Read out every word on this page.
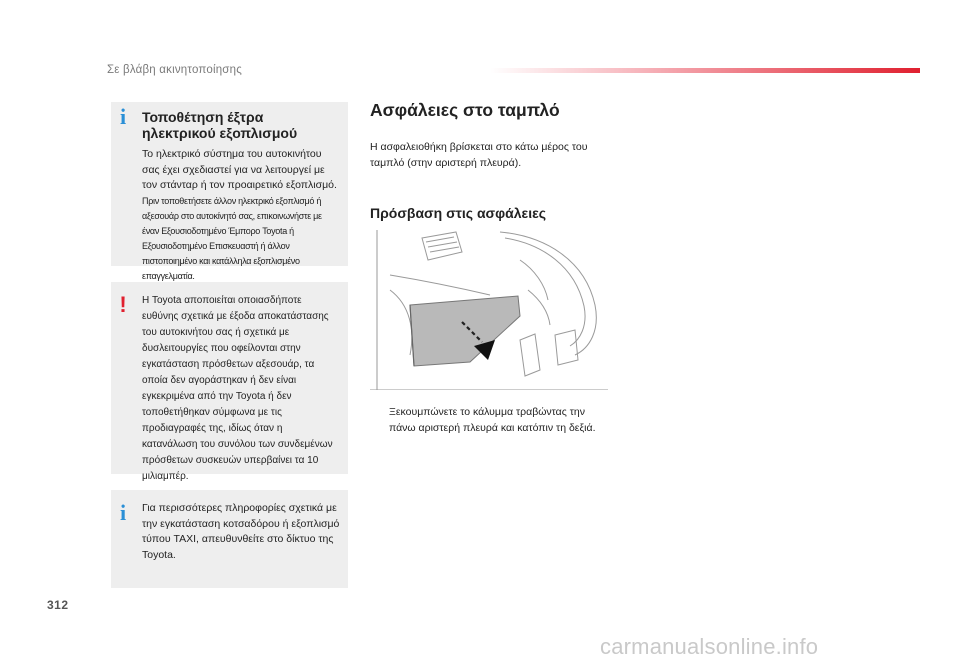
Σε βλάβη ακινητοποίησης
i Τοποθέτηση έξτρα ηλεκτρικού εξοπλισμού
Το ηλεκτρικό σύστημα του αυτοκινήτου σας έχει σχεδιαστεί για να λειτουργεί με τον στάνταρ ή τον προαιρετικό εξοπλισμό.
Πριν τοποθετήσετε άλλον ηλεκτρικό εξοπλισμό ή αξεσουάρ στο αυτοκίνητό σας, επικοινωνήστε με έναν Εξουσιοδοτημένο Έμπορο Toyota ή Εξουσιοδοτημένο Επισκευαστή ή άλλον πιστοποιημένο και κατάλληλα εξοπλισμένο επαγγελματία.
! Η Toyota αποποιείται οποιασδήποτε ευθύνης σχετικά με έξοδα αποκατάστασης του αυτοκινήτου σας ή σχετικά με δυσλειτουργίες που οφείλονται στην εγκατάσταση πρόσθετων αξεσουάρ, τα οποία δεν αγοράστηκαν ή δεν είναι εγκεκριμένα από την Toyota ή δεν τοποθετήθηκαν σύμφωνα με τις προδιαγραφές της, ιδίως όταν η κατανάλωση του συνόλου των συνδεμένων πρόσθετων συσκευών υπερβαίνει τα 10 μιλιαμπέρ.
i Για περισσότερες πληροφορίες σχετικά με την εγκατάσταση κοτσαδόρου ή εξοπλισμό τύπου TAXI, απευθυνθείτε στο δίκτυο της Toyota.
Ασφάλειες στο ταμπλό
Η ασφαλειοθήκη βρίσκεται στο κάτω μέρος του ταμπλό (στην αριστερή πλευρά).
Πρόσβαση στις ασφάλειες
Ξεκουμπώνετε το κάλυμμα τραβώντας την πάνω αριστερή πλευρά και κατόπιν τη δεξιά.
312
carmanualsonline.info
